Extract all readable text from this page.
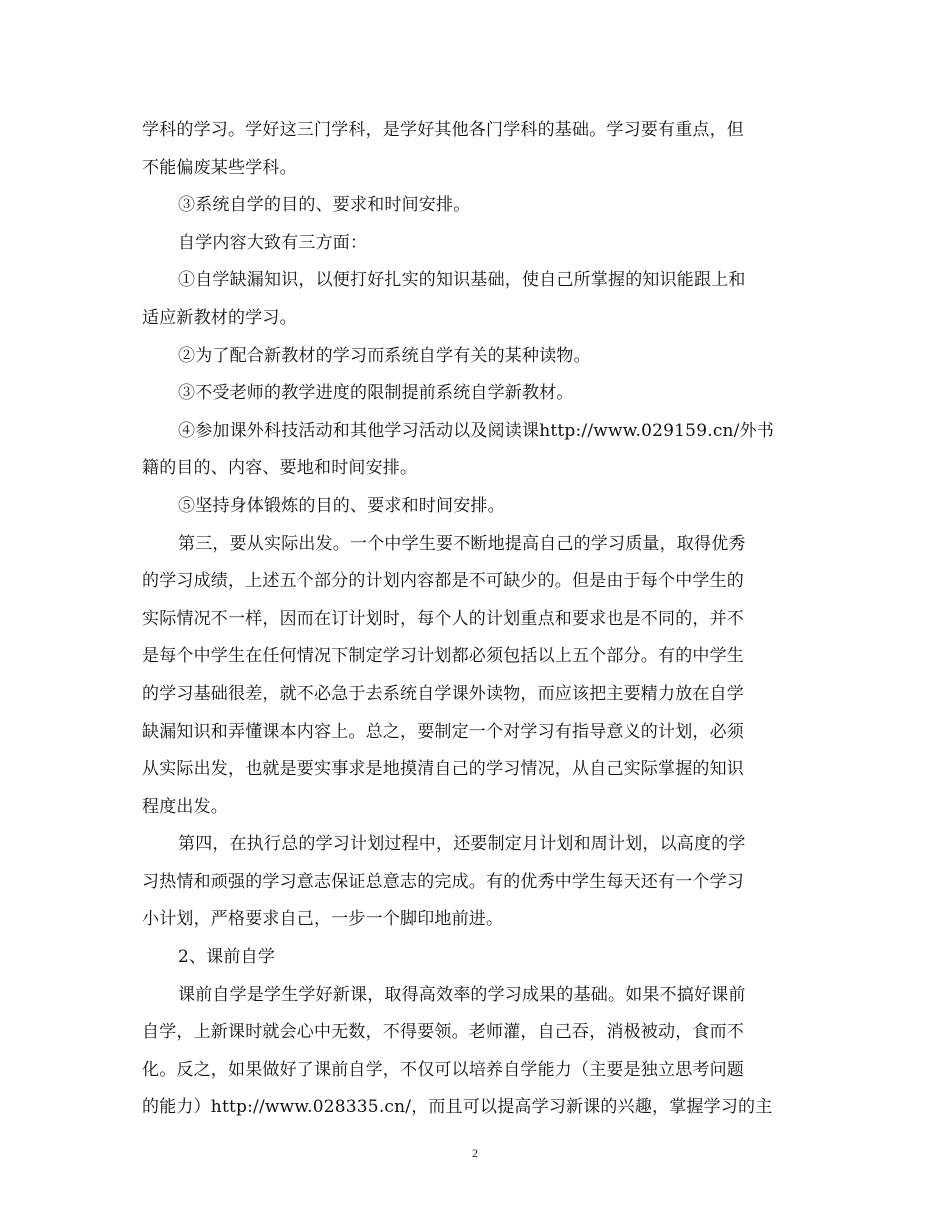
学科的学习。学好这三门学科，是学好其他各门学科的基础。学习要有重点，但
不能偏废某些学科。
③系统自学的目的、要求和时间安排。
自学内容大致有三方面：
①自学缺漏知识，以便打好扎实的知识基础，使自己所掌握的知识能跟上和
适应新教材的学习。
②为了配合新教材的学习而系统自学有关的某种读物。
③不受老师的教学进度的限制提前系统自学新教材。
④参加课外科技活动和其他学习活动以及阅读课http://www.029159.cn/外书
籍的目的、内容、要地和时间安排。
⑤坚持身体锻炼的目的、要求和时间安排。
第三，要从实际出发。一个中学生要不断地提高自己的学习质量，取得优秀
的学习成绩，上述五个部分的计划内容都是不可缺少的。但是由于每个中学生的
实际情况不一样，因而在订计划时，每个人的计划重点和要求也是不同的，并不
是每个中学生在任何情况下制定学习计划都必须包括以上五个部分。有的中学生
的学习基础很差，就不必急于去系统自学课外读物，而应该把主要精力放在自学
缺漏知识和弄懂课本内容上。总之，要制定一个对学习有指导意义的计划，必须
从实际出发，也就是要实事求是地摸清自己的学习情况，从自己实际掌握的知识
程度出发。
第四，在执行总的学习计划过程中，还要制定月计划和周计划，以高度的学
习热情和顽强的学习意志保证总意志的完成。有的优秀中学生每天还有一个学习
小计划，严格要求自己，一步一个脚印地前进。
2、课前自学
课前自学是学生学好新课，取得高效率的学习成果的基础。如果不搞好课前
自学，上新课时就会心中无数，不得要领。老师灌，自己吞，消极被动，食而不
化。反之，如果做好了课前自学，不仅可以培养自学能力（主要是独立思考问题
的能力）http://www.028335.cn/，而且可以提高学习新课的兴趣，掌握学习的主
2
